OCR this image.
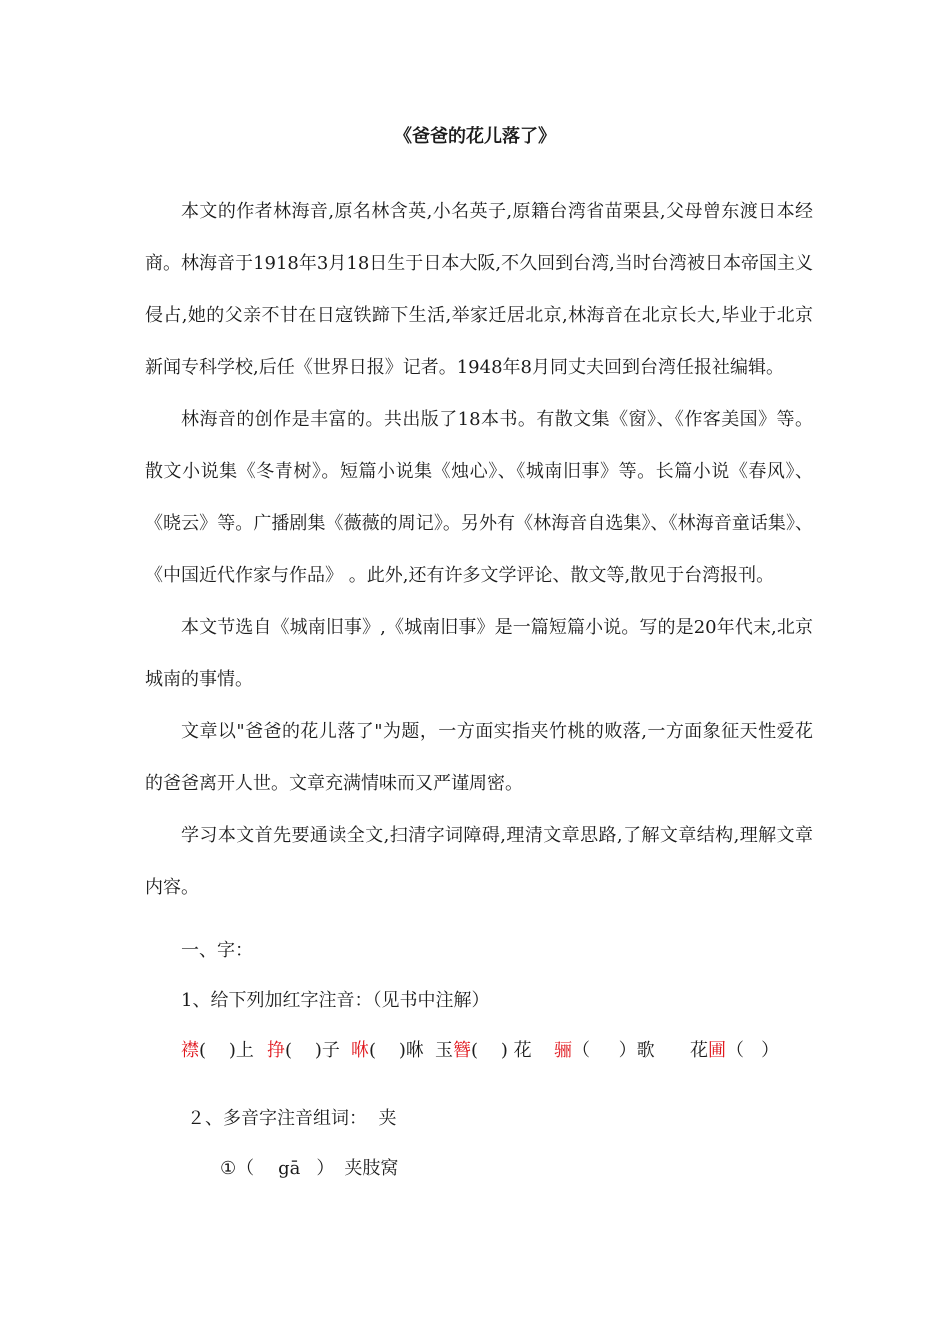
《爸爸的花儿落了》

本文的作者林海音,原名林含英,小名英子,原籍台湾省苗栗县,父母曾东渡日本经商。林海音于1918年3月18日生于日本大阪,不久回到台湾,当时台湾被日本帝国主义侵占,她的父亲不甘在日寇铁蹄下生活,举家迁居北京,林海音在北京长大,毕业于北京新闻专科学校,后任《世界日报》记者。1948年8月同丈夫回到台湾任报社编辑。

林海音的创作是丰富的。共出版了18本书。有散文集《窗》、《作客美国》等。散文小说集《冬青树》。短篇小说集《烛心》、《城南旧事》等。长篇小说《春风》、《晓云》等。广播剧集《薇薇的周记》。另外有《林海音自选集》、《林海音童话集》、《中国近代作家与作品》 。此外,还有许多文学评论、散文等,散见于台湾报刊。

本文节选自《城南旧事》,《城南旧事》是一篇短篇小说。写的是20年代末,北京城南的事情。

文章以"爸爸的花儿落了"为题，一方面实指夹竹桃的败落,一方面象征天性爱花的爸爸离开人世。文章充满情味而又严谨周密。

学习本文首先要通读全文,扫清字词障碍,理清文章思路,了解文章结构,理解文章内容。

一、字：
1、给下列加红字注音：（见书中注解）
襟(    )上 挣(    )子 咻(    )咻 玉簪(    ) 花 骊（     ）歌 花圃（   ）
２、多音字注音组词：  夹
①（ gā ） 夹肢窝
